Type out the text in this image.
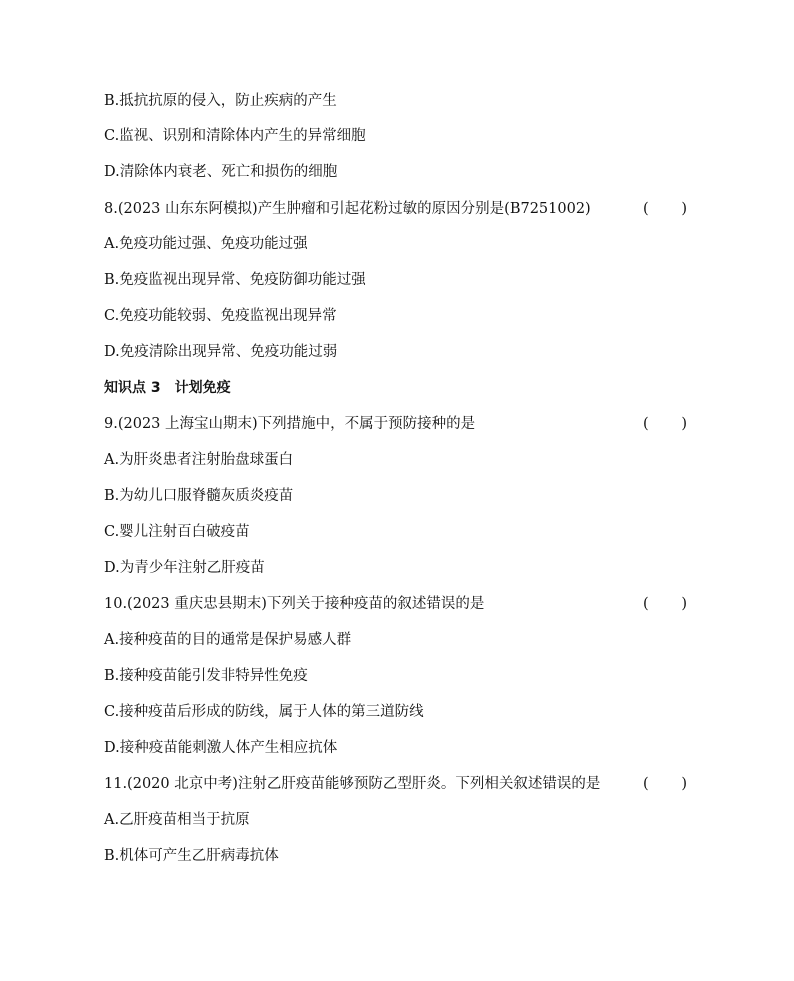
B.抵抗抗原的侵入，防止疾病的产生
C.监视、识别和清除体内产生的异常细胞
D.清除体内衰老、死亡和损伤的细胞
8.(2023 山东东阿模拟)产生肿瘤和引起花粉过敏的原因分别是(B7251002)	( )
A.免疫功能过强、免疫功能过强
B.免疫监视出现异常、免疫防御功能过强
C.免疫功能较弱、免疫监视出现异常
D.免疫清除出现异常、免疫功能过弱
知识点 3　计划免疫
9.(2023 上海宝山期末)下列措施中，不属于预防接种的是	( )
A.为肝炎患者注射胎盘球蛋白
B.为幼儿口服脊髓灰质炎疫苗
C.婴儿注射百白破疫苗
D.为青少年注射乙肝疫苗
10.(2023 重庆忠县期末)下列关于接种疫苗的叙述错误的是	( )
A.接种疫苗的目的通常是保护易感人群
B.接种疫苗能引发非特异性免疫
C.接种疫苗后形成的防线，属于人体的第三道防线
D.接种疫苗能刺激人体产生相应抗体
11.(2020 北京中考)注射乙肝疫苗能够预防乙型肝炎。下列相关叙述错误的是	( )
A.乙肝疫苗相当于抗原
B.机体可产生乙肝病毒抗体
